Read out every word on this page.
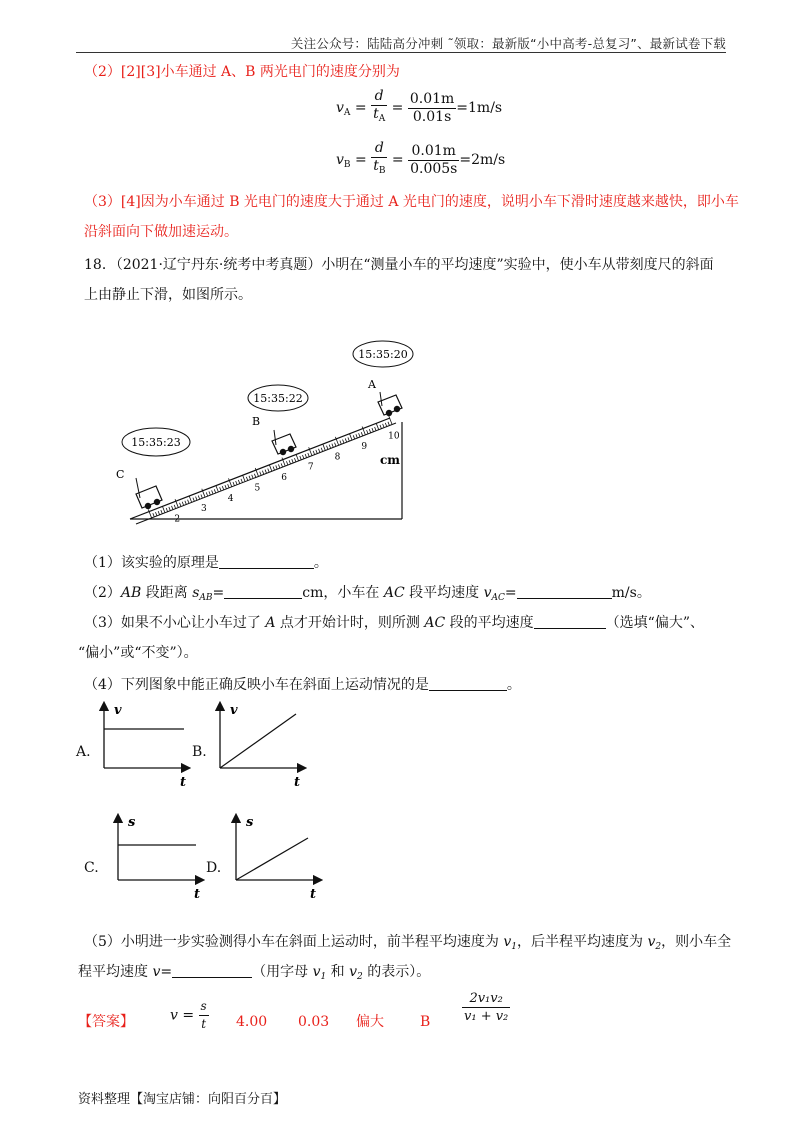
关注公众号：陆陆高分冲刺 ˜领取：最新版“小中高考-总复习”、最新试卷下载
（2）[2][3]小车通过 A、B 两光电门的速度分别为
$v_A = \frac{d}{t_A} = \frac{0.01m}{0.01s} =1m/s$
$v_B = \frac{d}{t_B} = \frac{0.01m}{0.005s} =2m/s$
（3）[4]因为小车通过 B 光电门的速度大于通过 A 光电门的速度，说明小车下滑时速度越来越快，即小车
沿斜面向下做加速运动。
18．（2021·辽宁丹东·统考中考真题）小明在“测量小车的平均速度”实验中，使小车从带刻度尺的斜面
上由静止下滑，如图所示。
2
3
4
5
6
7
8
9
10
cm
A
15:35:20
B
15:35:22
C
15:35:23
（1）该实验的原理是	。
（2）AB 段距离 $s_{AB}=$	cm，小车在 AC 段平均速度 $v_{AC}=$	m/s。
（3）如果不小心让小车过了 A 点才开始计时，则所测 AC 段的平均速度	（选填“偏大”、
“偏小”或“不变”）。
（4）下列图象中能正确反映小车在斜面上运动情况的是	。
A.
v
t
B.
v
t
C.
s
t
D.
s
t
（5）小明进一步实验测得小车在斜面上运动时，前半程平均速度为 $v_1$，后半程平均速度为 $v_2$，则小车全
程平均速度 v=	（用字母 $v_1$ 和 $v_2$ 的表示）。
【答案】	$v = \frac{s}{t} 4.00$ 0.03 偏大	B $\frac{\text{2v₁v₂}}{\text{v₁ + v₂}}$
资料整理【淘宝店铺：向阳百分百】
